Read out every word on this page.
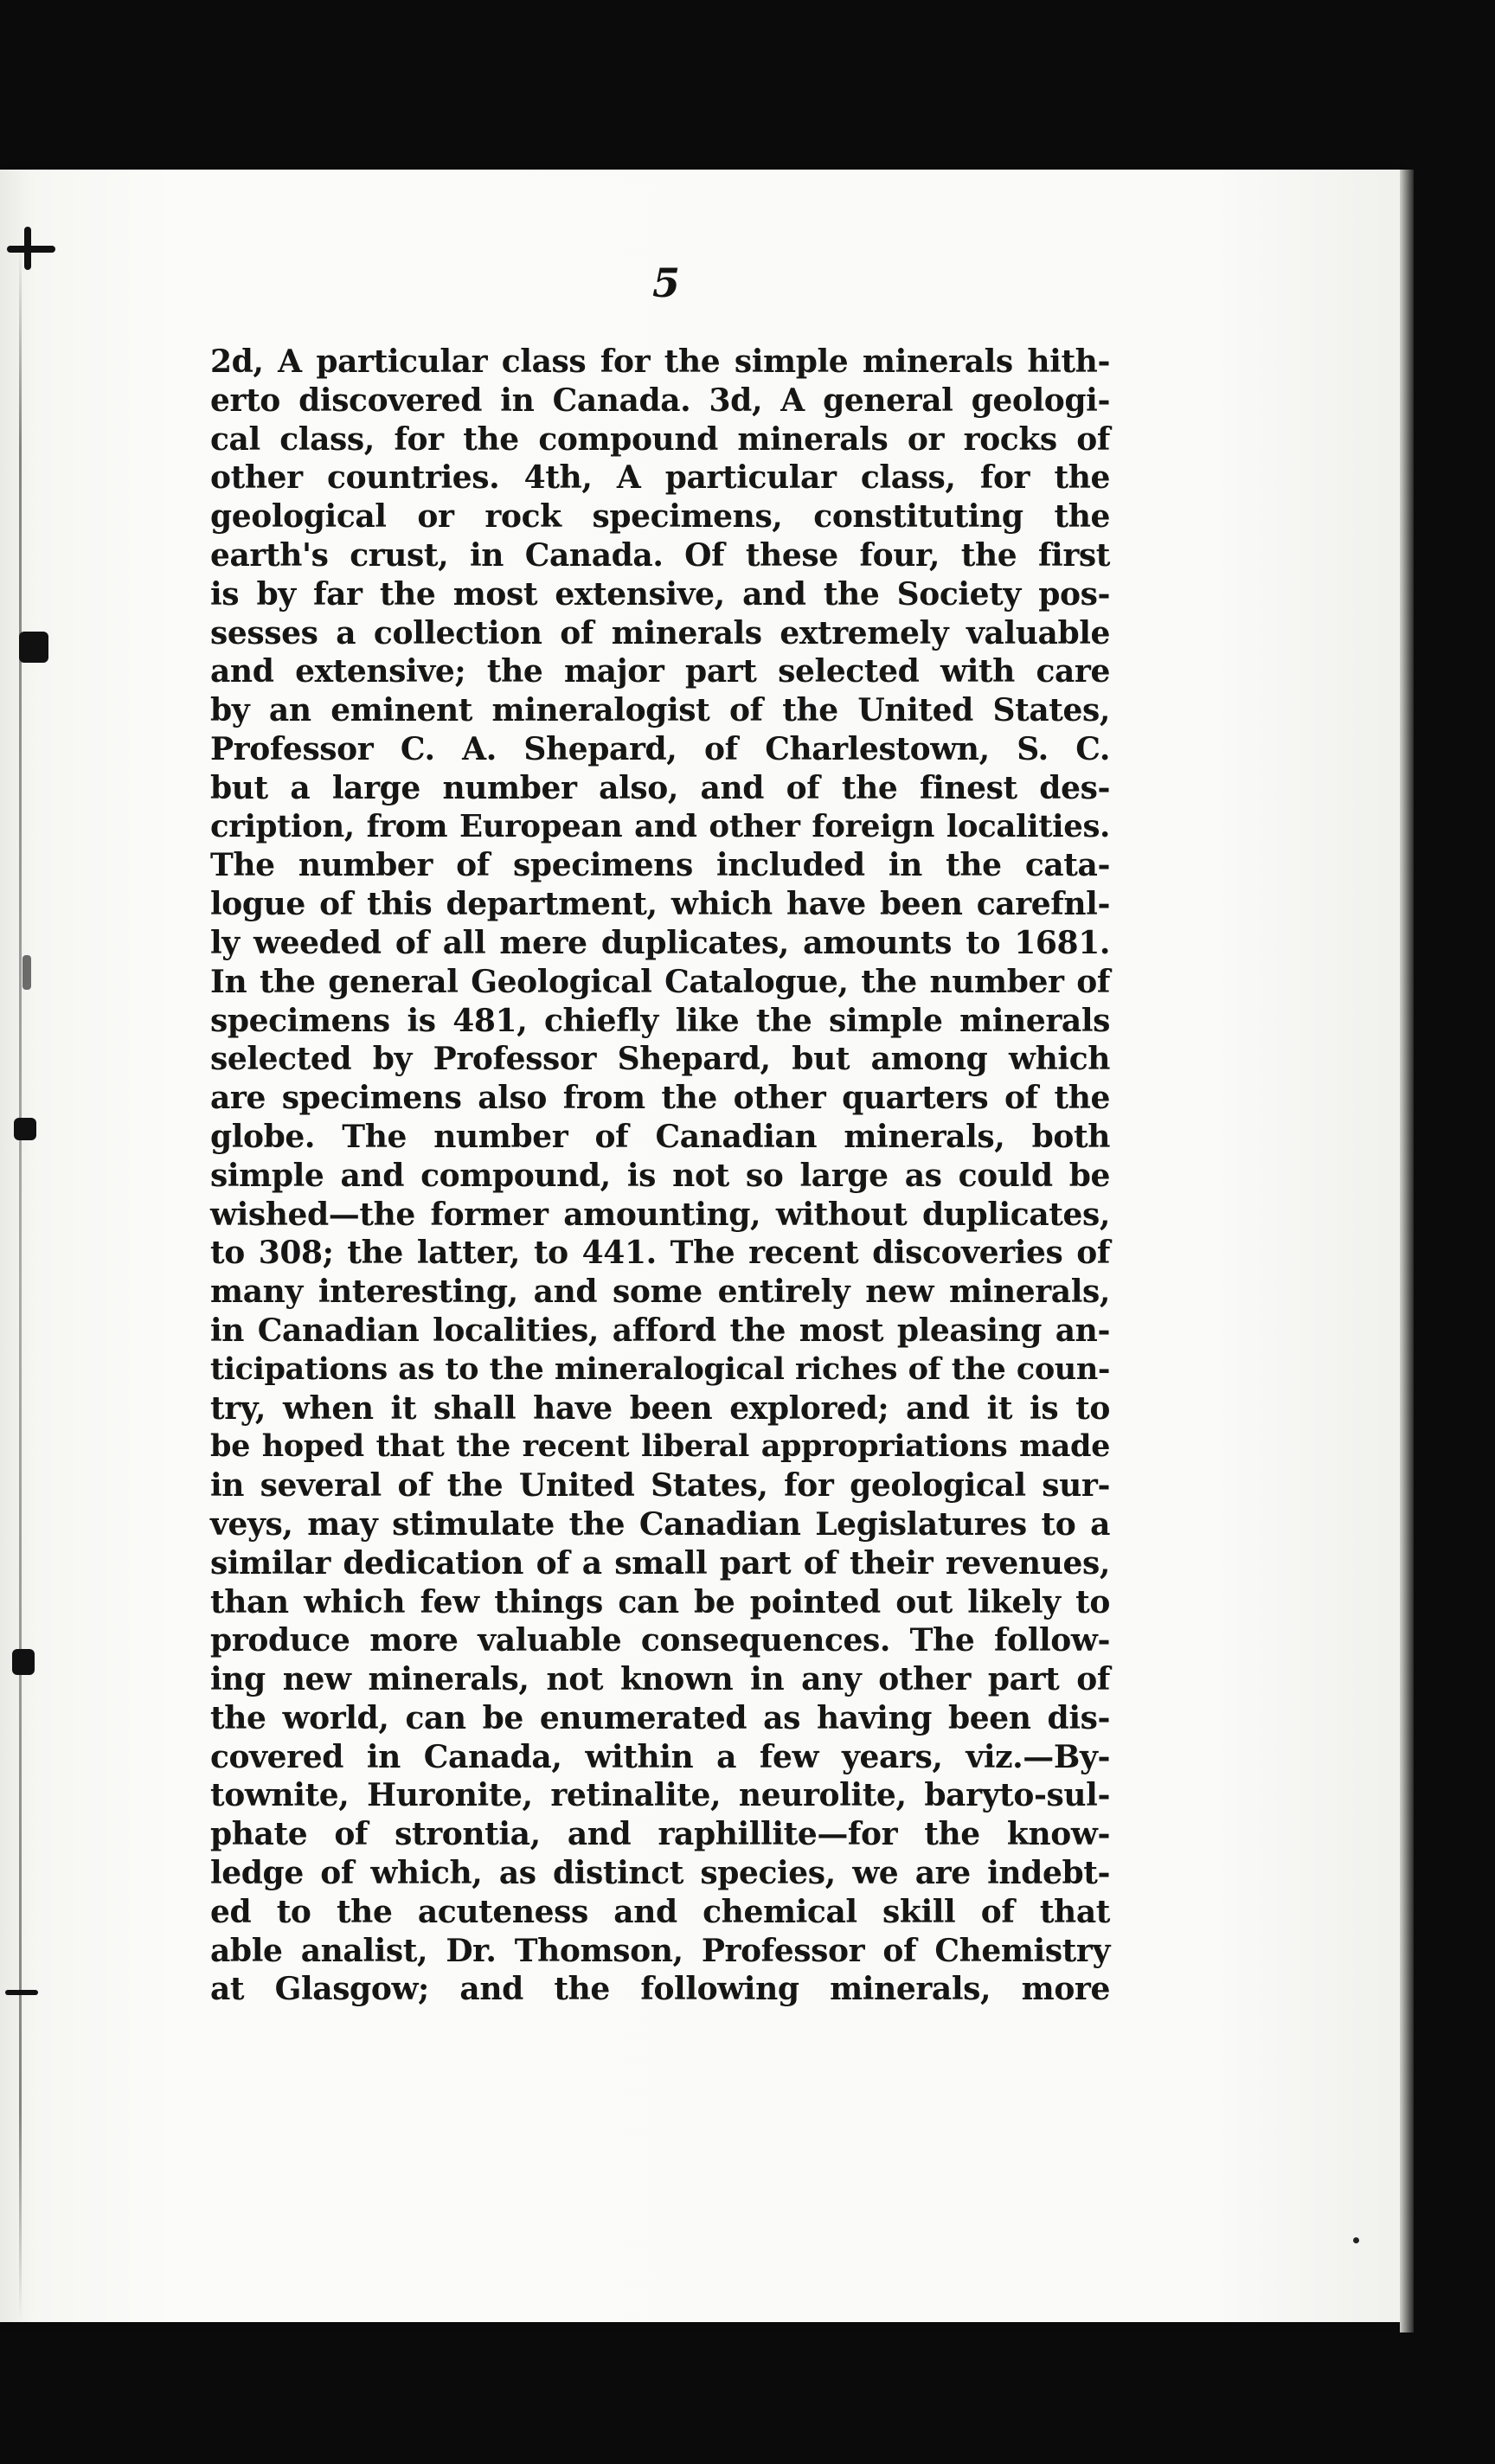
5
2d, A particular class for the simple minerals hith-
erto discovered in Canada. 3d, A general geologi-
cal class, for the compound minerals or rocks of
other countries. 4th, A particular class, for the
geological or rock specimens, constituting the
earth's crust, in Canada. Of these four, the first
is by far the most extensive, and the Society pos-
sesses a collection of minerals extremely valuable
and extensive; the major part selected with care
by an eminent mineralogist of the United States,
Professor C. A. Shepard, of Charlestown, S. C.
but a large number also, and of the finest des-
cription, from European and other foreign localities.
The number of specimens included in the cata-
logue of this department, which have been carefnl-
ly weeded of all mere duplicates, amounts to 1681.
In the general Geological Catalogue, the number of
specimens is 481, chiefly like the simple minerals
selected by Professor Shepard, but among which
are specimens also from the other quarters of the
globe. The number of Canadian minerals, both
simple and compound, is not so large as could be
wished—the former amounting, without duplicates,
to 308; the latter, to 441. The recent discoveries of
many interesting, and some entirely new minerals,
in Canadian localities, afford the most pleasing an-
ticipations as to the mineralogical riches of the coun-
try, when it shall have been explored; and it is to
be hoped that the recent liberal appropriations made
in several of the United States, for geological sur-
veys, may stimulate the Canadian Legislatures to a
similar dedication of a small part of their revenues,
than which few things can be pointed out likely to
produce more valuable consequences. The follow-
ing new minerals, not known in any other part of
the world, can be enumerated as having been dis-
covered in Canada, within a few years, viz.—By-
townite, Huronite, retinalite, neurolite, baryto-sul-
phate of strontia, and raphillite—for the know-
ledge of which, as distinct species, we are indebt-
ed to the acuteness and chemical skill of that
able analist, Dr. Thomson, Professor of Chemistry
at Glasgow; and the following minerals, more
